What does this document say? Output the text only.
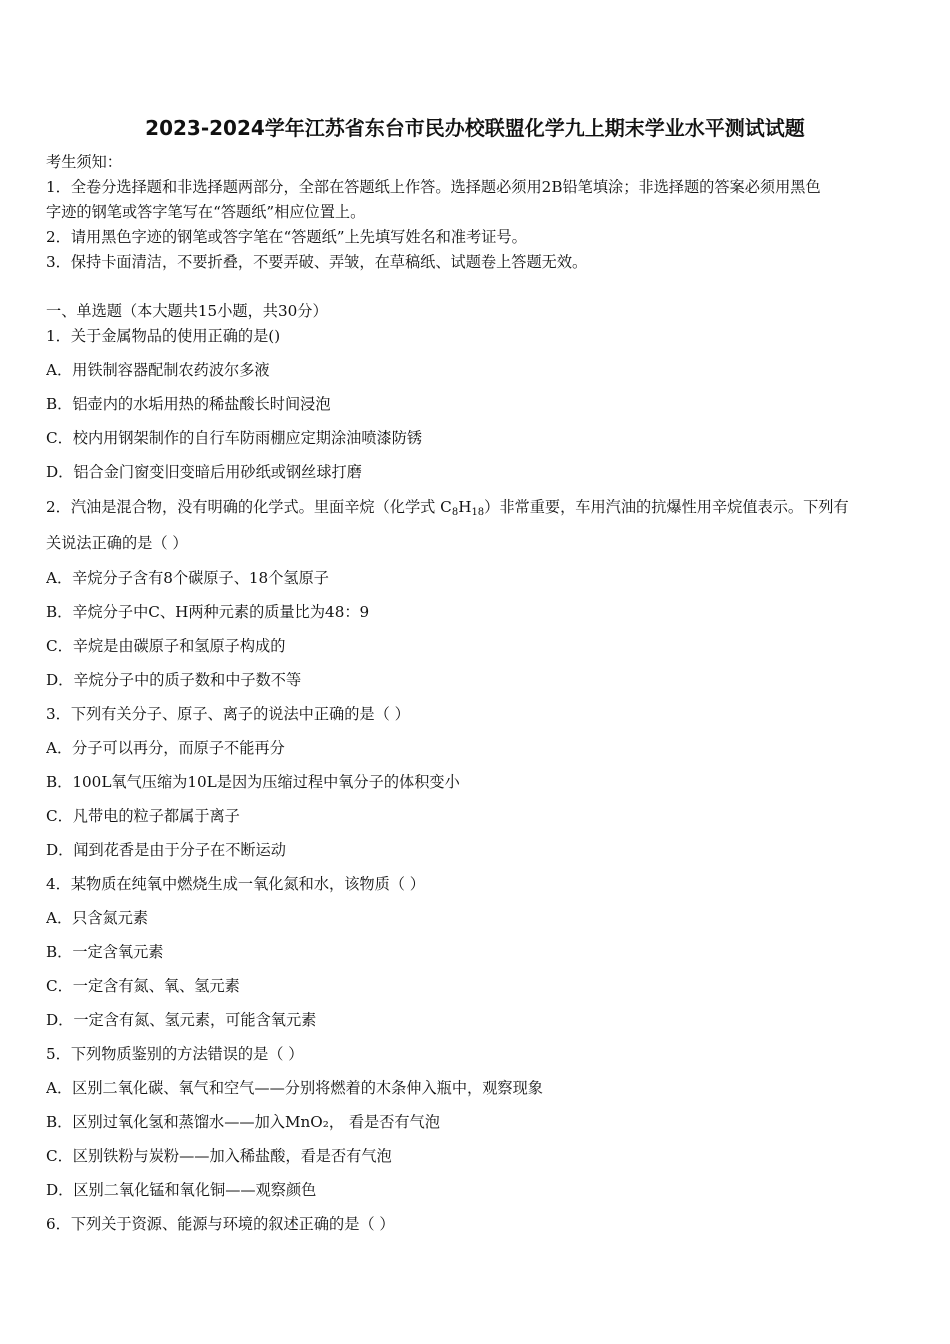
2023-2024学年江苏省东台市民办校联盟化学九上期末学业水平测试试题
考生须知：
1．全卷分选择题和非选择题两部分，全部在答题纸上作答。选择题必须用2B铅笔填涂；非选择题的答案必须用黑色
字迹的钢笔或答字笔写在“答题纸”相应位置上。
2．请用黑色字迹的钢笔或答字笔在“答题纸”上先填写姓名和准考证号。
3．保持卡面清洁，不要折叠，不要弄破、弄皱，在草稿纸、试题卷上答题无效。
一、单选题（本大题共15小题，共30分）
1．关于金属物品的使用正确的是()
A．用铁制容器配制农药波尔多液
B．铝壶内的水垢用热的稀盐酸长时间浸泡
C．校内用钢架制作的自行车防雨棚应定期涂油喷漆防锈
D．铝合金门窗变旧变暗后用砂纸或钢丝球打磨
2．汽油是混合物，没有明确的化学式。里面辛烷（化学式 $C_8H_{18}$）非常重要，车用汽油的抗爆性用辛烷值表示。下列有
关说法正确的是（ ）
A．辛烷分子含有8个碳原子、18个氢原子
B．辛烷分子中C、H两种元素的质量比为48：9
C．辛烷是由碳原子和氢原子构成的
D．辛烷分子中的质子数和中子数不等
3．下列有关分子、原子、离子的说法中正确的是（ ）
A．分子可以再分，而原子不能再分
B．100L氧气压缩为10L是因为压缩过程中氧分子的体积变小
C．凡带电的粒子都属于离子
D．闻到花香是由于分子在不断运动
4．某物质在纯氧中燃烧生成一氧化氮和水，该物质（ ）
A．只含氮元素
B．一定含氧元素
C．一定含有氮、氧、氢元素
D．一定含有氮、氢元素，可能含氧元素
5．下列物质鉴别的方法错误的是（ ）
A．区别二氧化碳、氧气和空气——分别将燃着的木条伸入瓶中，观察现象
B．区别过氧化氢和蒸馏水——加入MnO₂， 看是否有气泡
C．区别铁粉与炭粉——加入稀盐酸，看是否有气泡
D．区别二氧化锰和氧化铜——观察颜色
6．下列关于资源、能源与环境的叙述正确的是（ ）
